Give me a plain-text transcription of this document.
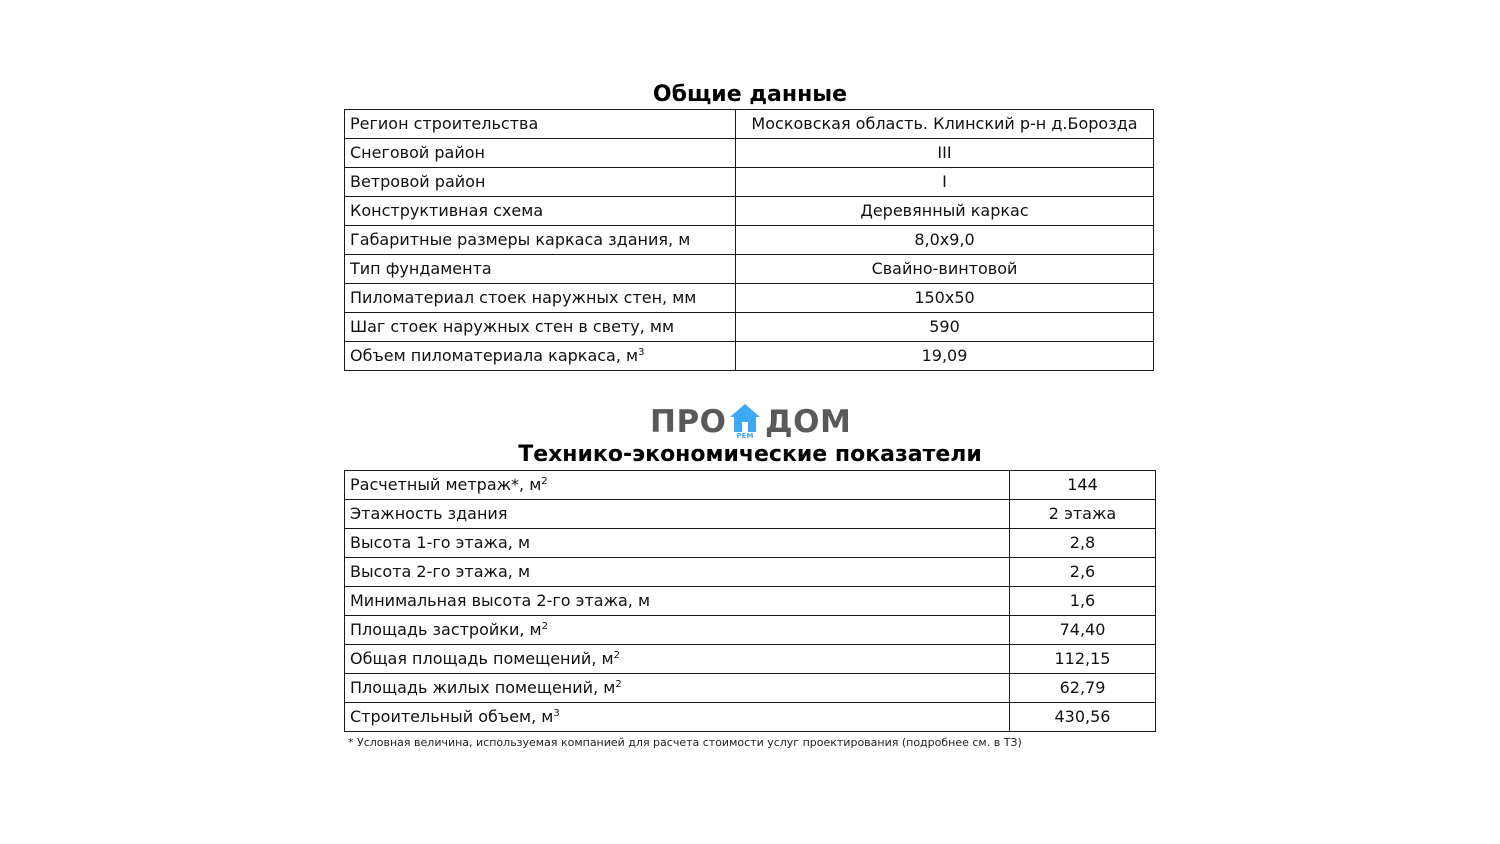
Общие данные
Регион строительства	Московская область. Клинский р-н д.Борозда
Снеговой район	III
Ветровой район	I
Конструктивная схема	Деревянный каркас
Габаритные размеры каркаса здания, м	8,0х9,0
Тип фундамента	Свайно-винтовой
Пиломатериал стоек наружных стен, мм	150х50
Шаг стоек наружных стен в свету, мм	590
Объем пиломатериала каркаса, $м^3$	19,09
ПРО	РЕМ ДОМ
Технико-экономические показатели
Расчетный метраж*, $м^2$	144
Этажность здания	2 этажа
Высота 1-го этажа, м	2,8
Высота 2-го этажа, м	2,6
Минимальная высота 2-го этажа, м	1,6
Площадь застройки, $м^2$	74,40
Общая площадь помещений, $м^2$	112,15
Площадь жилых помещений, $м^2$	62,79
Строительный объем, $м^3$	430,56
* Условная величина, используемая компанией для расчета стоимости услуг проектирования (подробнее см. в ТЗ)
